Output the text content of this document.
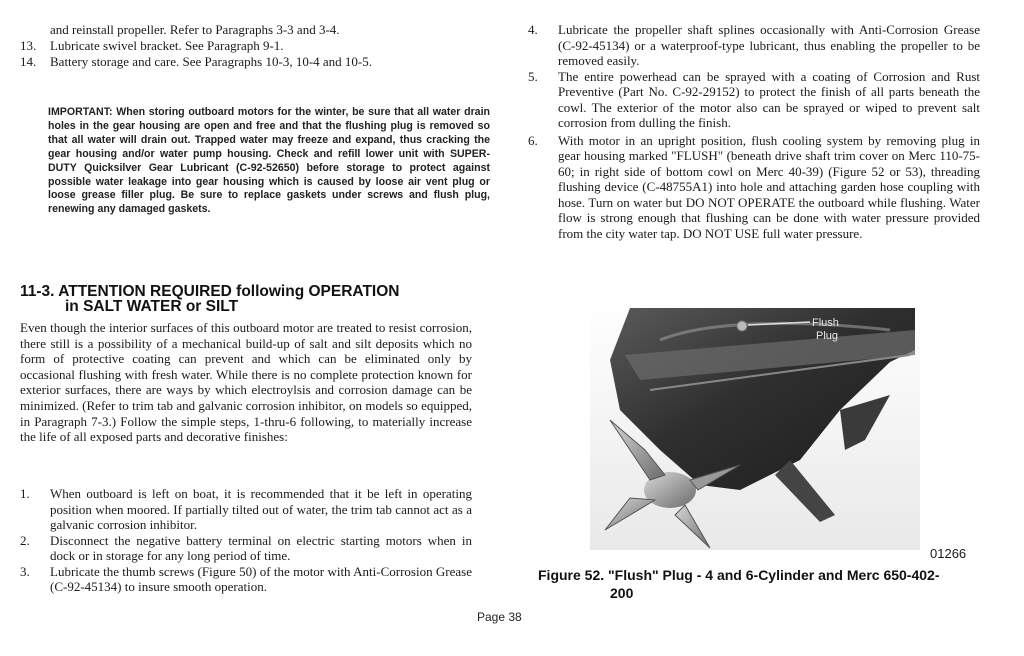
and reinstall propeller. Refer to Paragraphs 3-3 and 3-4.

13. Lubricate swivel bracket. See Paragraph 9-1.
14. Battery storage and care. See Paragraphs 10-3, 10-4 and 10-5.

IMPORTANT: When storing outboard motors for the winter, be sure that all water drain holes in the gear housing are open and free and that the flushing plug is removed so that all water will drain out. Trapped water may freeze and expand, thus cracking the gear housing and/or water pump housing. Check and refill lower unit with SUPER-DUTY Quicksilver Gear Lubricant (C-92-52650) before storage to protect against possible water leakage into gear housing which is caused by loose air vent plug or loose grease filler plug. Be sure to replace gaskets under screws and flush plug, renewing any damaged gaskets.

11-3. ATTENTION REQUIRED following OPERATION

in SALT WATER or SILT

Even though the interior surfaces of this outboard motor are treated to resist corrosion, there still is a possibility of a mechanical build-up of salt and silt deposits which no form of protective coating can prevent and which can be eliminated only by occasional flushing with fresh water. While there is no complete protection known for exterior surfaces, there are ways by which electroylsis and corrosion damage can be minimized. (Refer to trim tab and galvanic corrosion inhibitor, on models so equipped, in Paragraph 7-3.) Follow the simple steps, 1-thru-6 following, to materially increase the life of all exposed parts and decorative finishes:

1. When outboard is left on boat, it is recommended that it be left in operating position when moored. If partially tilted out of water, the trim tab cannot act as a galvanic corrosion inhibitor.
2. Disconnect the negative battery terminal on electric starting motors when in dock or in storage for any long period of time.
3. Lubricate the thumb screws (Figure 50) of the motor with Anti-Corrosion Grease (C-92-45134) to insure smooth operation.
4. Lubricate the propeller shaft splines occasionally with Anti-Corrosion Grease (C-92-45134) or a waterproof-type lubricant, thus enabling the propeller to be removed easily.
5. The entire powerhead can be sprayed with a coating of Corrosion and Rust Preventive (Part No. C-92-29152) to protect the finish of all parts beneath the cowl. The exterior of the motor also can be sprayed or wiped to prevent salt corrosion from dulling the finish.
6. With motor in an upright position, flush cooling system by removing plug in gear housing marked "FLUSH" (beneath drive shaft trim cover on Merc 110-75-60; in right side of bottom cowl on Merc 40-39) (Figure 52 or 53), threading flushing device (C-48755A1) into hole and attaching garden hose coupling with hose. Turn on water but DO NOT OPERATE the outboard while flushing. Water flow is strong enough that flushing can be done with water pressure provided from the city water tap. DO NOT USE full water pressure.
Flush
Plug
01266

Figure 52. "Flush" Plug - 4 and 6-Cylinder and Merc 650-402-

200

Page 38
